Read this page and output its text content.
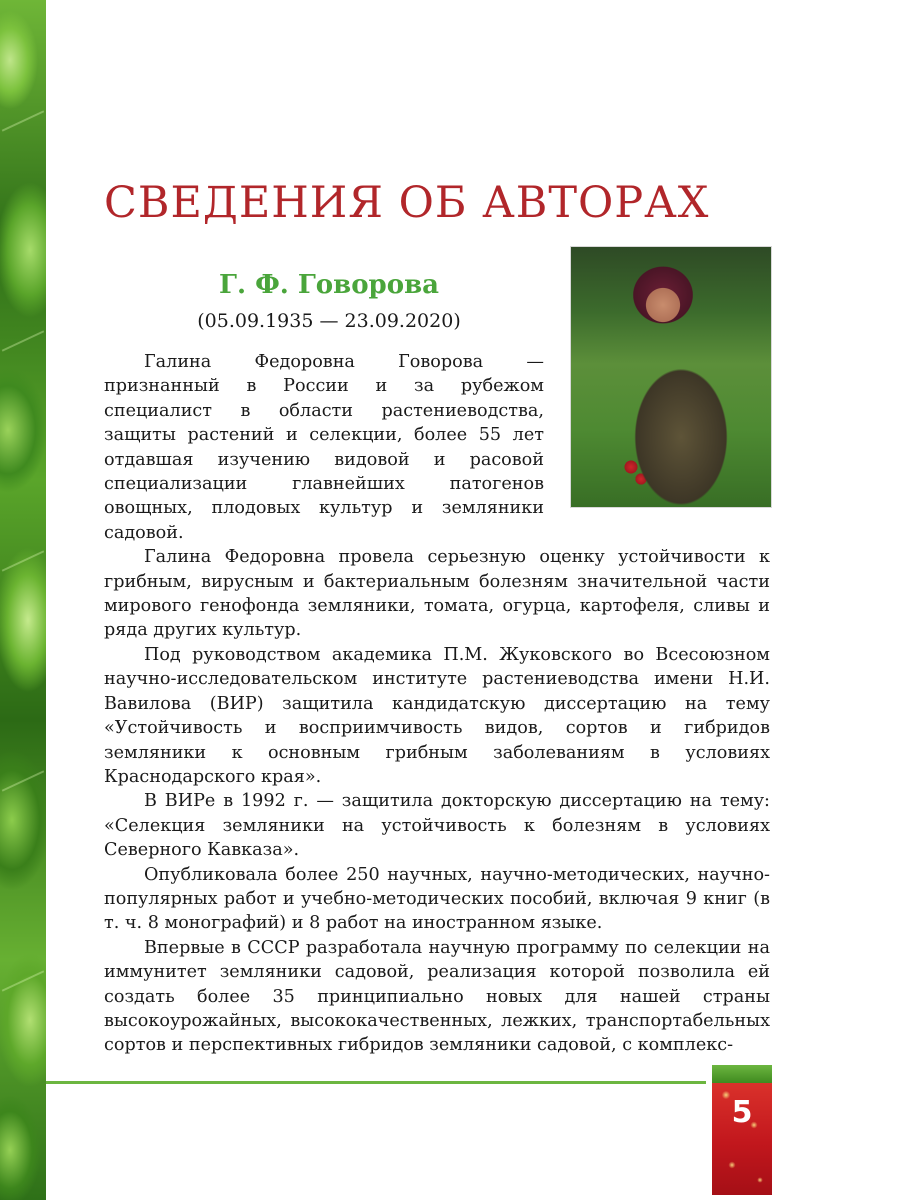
СВЕДЕНИЯ ОБ АВТОРАХ
Г. Ф. Говорова
(05.09.1935 — 23.09.2020)

Галина Федоровна Говорова — признанный в России и за рубежом специалист в области растениеводства, защиты растений и селекции, более 55 лет отдавшая изучению видовой и расовой специализации главнейших патогенов овощных, плодовых культур и земляники садовой.

Галина Федоровна провела серьезную оценку устойчивости к грибным, вирусным и бактериальным болезням значительной части мирового генофонда земляники, томата, огурца, картофеля, сливы и ряда других культур.

Под руководством академика П.М. Жуковского во Всесоюзном научно-исследовательском институте растениеводства имени Н.И. Вавилова (ВИР) защитила кандидатскую диссертацию на тему «Устойчивость и восприимчивость видов, сортов и гибридов земляники к основным грибным заболеваниям в условиях Краснодарского края».

В ВИРе в 1992 г. — защитила докторскую диссертацию на тему: «Селекция земляники на устойчивость к болезням в условиях Северного Кавказа».

Опубликовала более 250 научных, научно-методических, научно-популярных работ и учебно-методических пособий, включая 9 книг (в т. ч. 8 монографий) и 8 работ на иностранном языке.

Впервые в СССР разработала научную программу по селекции на иммунитет земляники садовой, реализация которой позволила ей создать более 35 принципиально новых для нашей страны высокоурожайных, высококачественных, лежких, транспортабельных сортов и перспективных гибридов земляники садовой, с комплекс-

5
